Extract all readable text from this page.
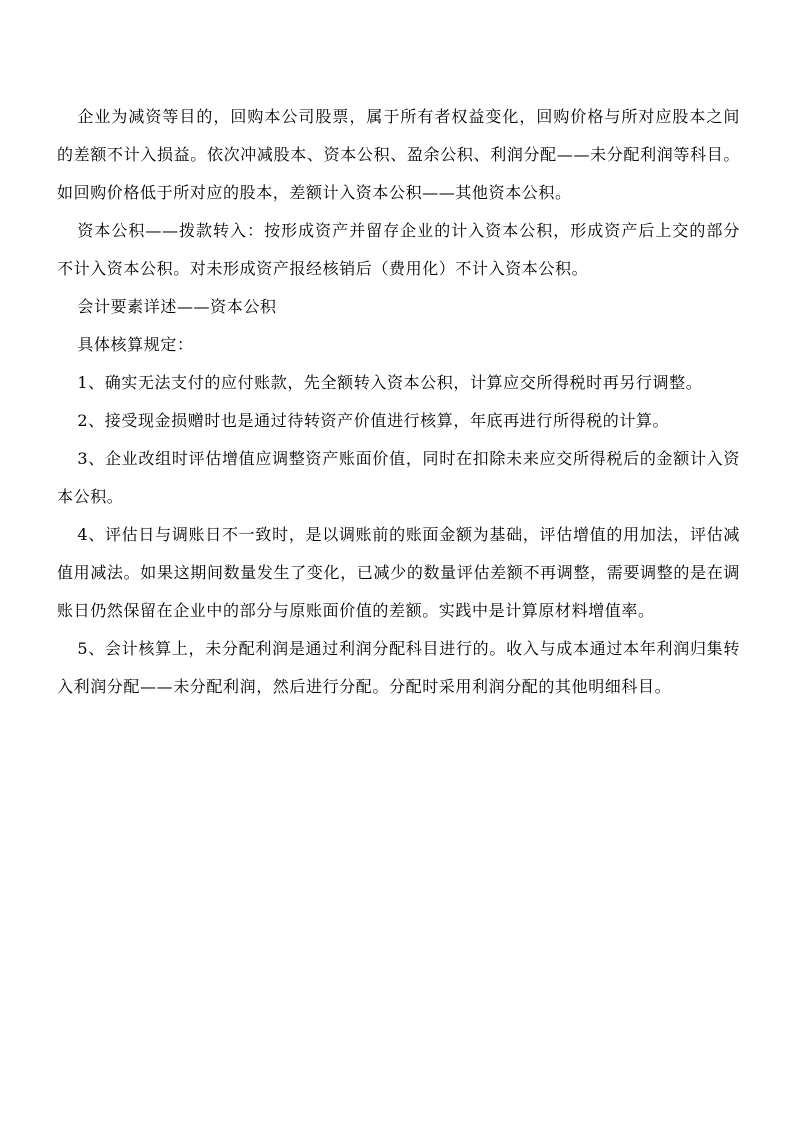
企业为减资等目的，回购本公司股票，属于所有者权益变化，回购价格与所对应股本之间的差额不计入损益。依次冲减股本、资本公积、盈余公积、利润分配——未分配利润等科目。如回购价格低于所对应的股本，差额计入资本公积——其他资本公积。

资本公积——拨款转入：按形成资产并留存企业的计入资本公积，形成资产后上交的部分不计入资本公积。对未形成资产报经核销后（费用化）不计入资本公积。

会计要素详述——资本公积

具体核算规定：

1、确实无法支付的应付账款，先全额转入资本公积，计算应交所得税时再另行调整。

2、接受现金损赠时也是通过待转资产价值进行核算，年底再进行所得税的计算。

3、企业改组时评估增值应调整资产账面价值，同时在扣除未来应交所得税后的金额计入资本公积。

4、评估日与调账日不一致时，是以调账前的账面金额为基础，评估增值的用加法，评估减值用减法。如果这期间数量发生了变化，已减少的数量评估差额不再调整，需要调整的是在调账日仍然保留在企业中的部分与原账面价值的差额。实践中是计算原材料增值率。

5、会计核算上，未分配利润是通过利润分配科目进行的。收入与成本通过本年利润归集转入利润分配——未分配利润，然后进行分配。分配时采用利润分配的其他明细科目。
